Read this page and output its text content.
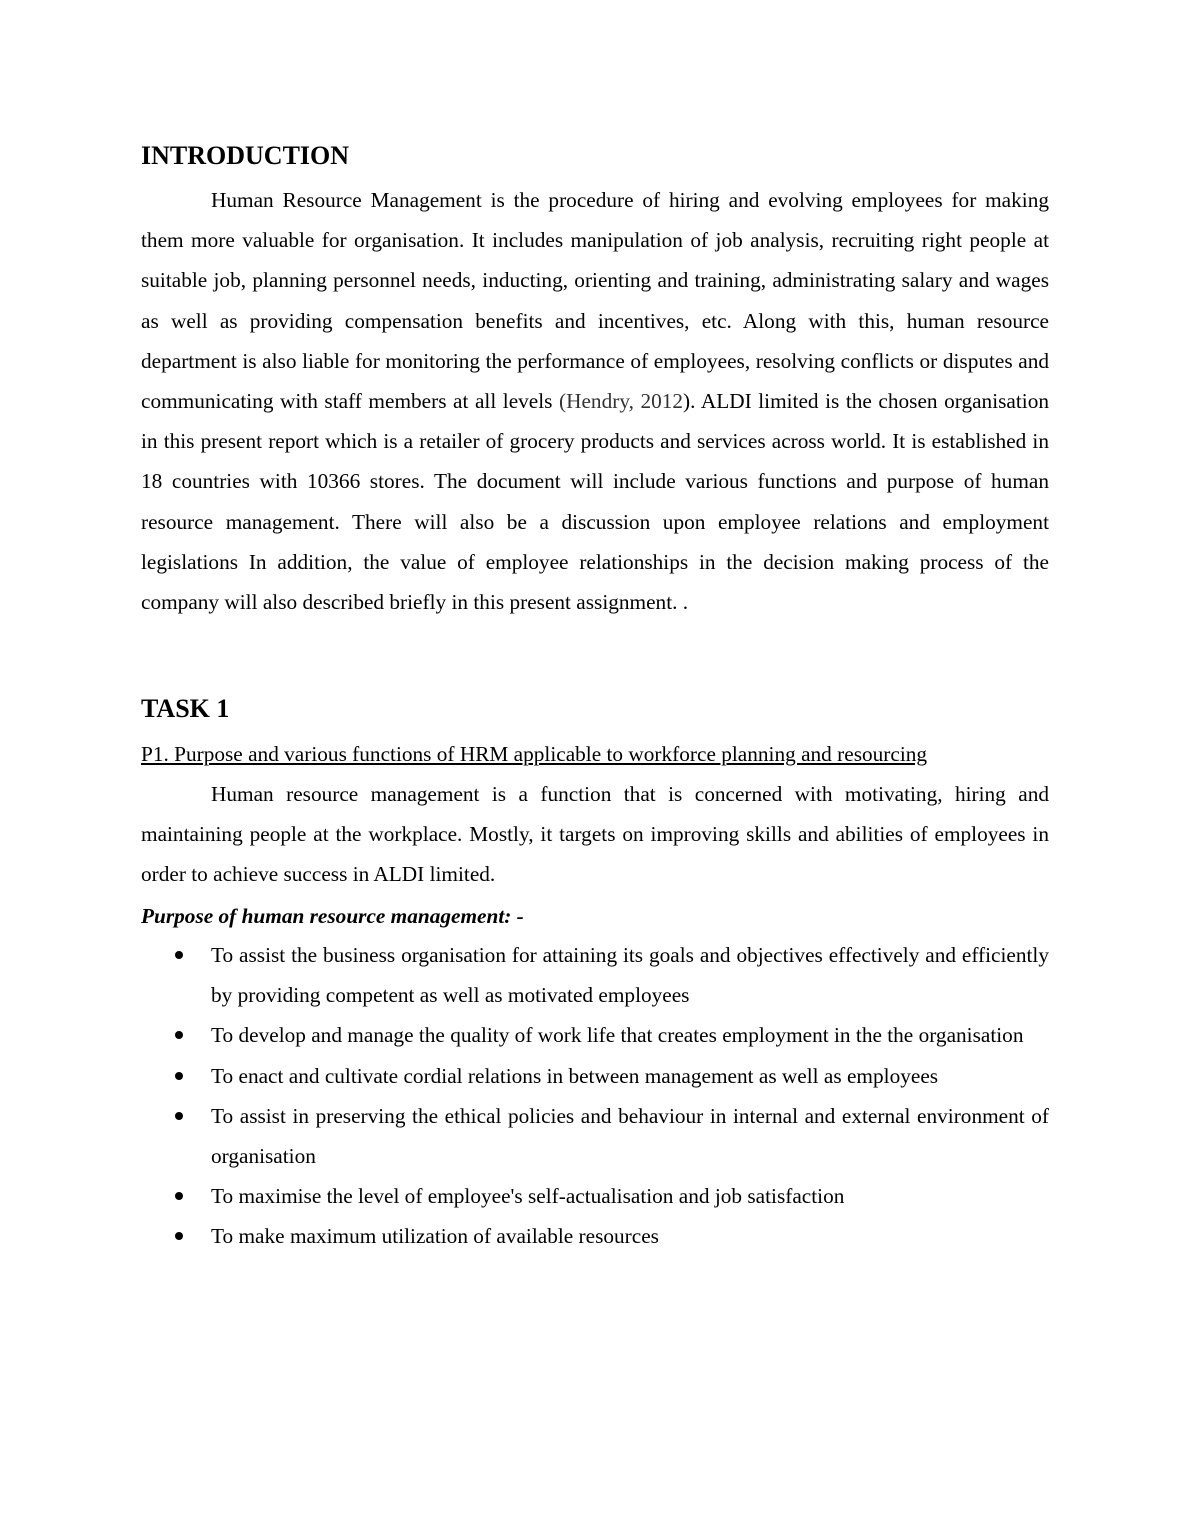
INTRODUCTION

Human Resource Management is the procedure of hiring and evolving employees for making them more valuable for organisation. It includes manipulation of job analysis, recruiting right people at suitable job, planning personnel needs, inducting, orienting and training, administrating salary and wages as well as providing compensation benefits and incentives, etc. Along with this, human resource department is also liable for monitoring the performance of employees, resolving conflicts or disputes and communicating with staff members at all levels (Hendry, 2012). ALDI limited is the chosen organisation in this present report which is a retailer of grocery products and services across world. It is established in 18 countries with 10366 stores. The document will include various functions and purpose of human resource management. There will also be a discussion upon employee relations and employment legislations In addition, the value of employee relationships in the decision making process of the company will also described briefly in this present assignment. .

TASK 1

P1. Purpose and various functions of HRM applicable to workforce planning and resourcing

Human resource management is a function that is concerned with motivating, hiring and maintaining people at the workplace. Mostly, it targets on improving skills and abilities of employees in order to achieve success in ALDI limited.

Purpose of human resource management: -

To assist the business organisation for attaining its goals and objectives effectively and efficiently by providing competent as well as motivated employees
To develop and manage the quality of work life that creates employment in the the organisation
To enact and cultivate cordial relations in between management as well as employees
To assist in preserving the ethical policies and behaviour in internal and external environment of organisation
To maximise the level of employee's self-actualisation and job satisfaction
To make maximum utilization of available resources
